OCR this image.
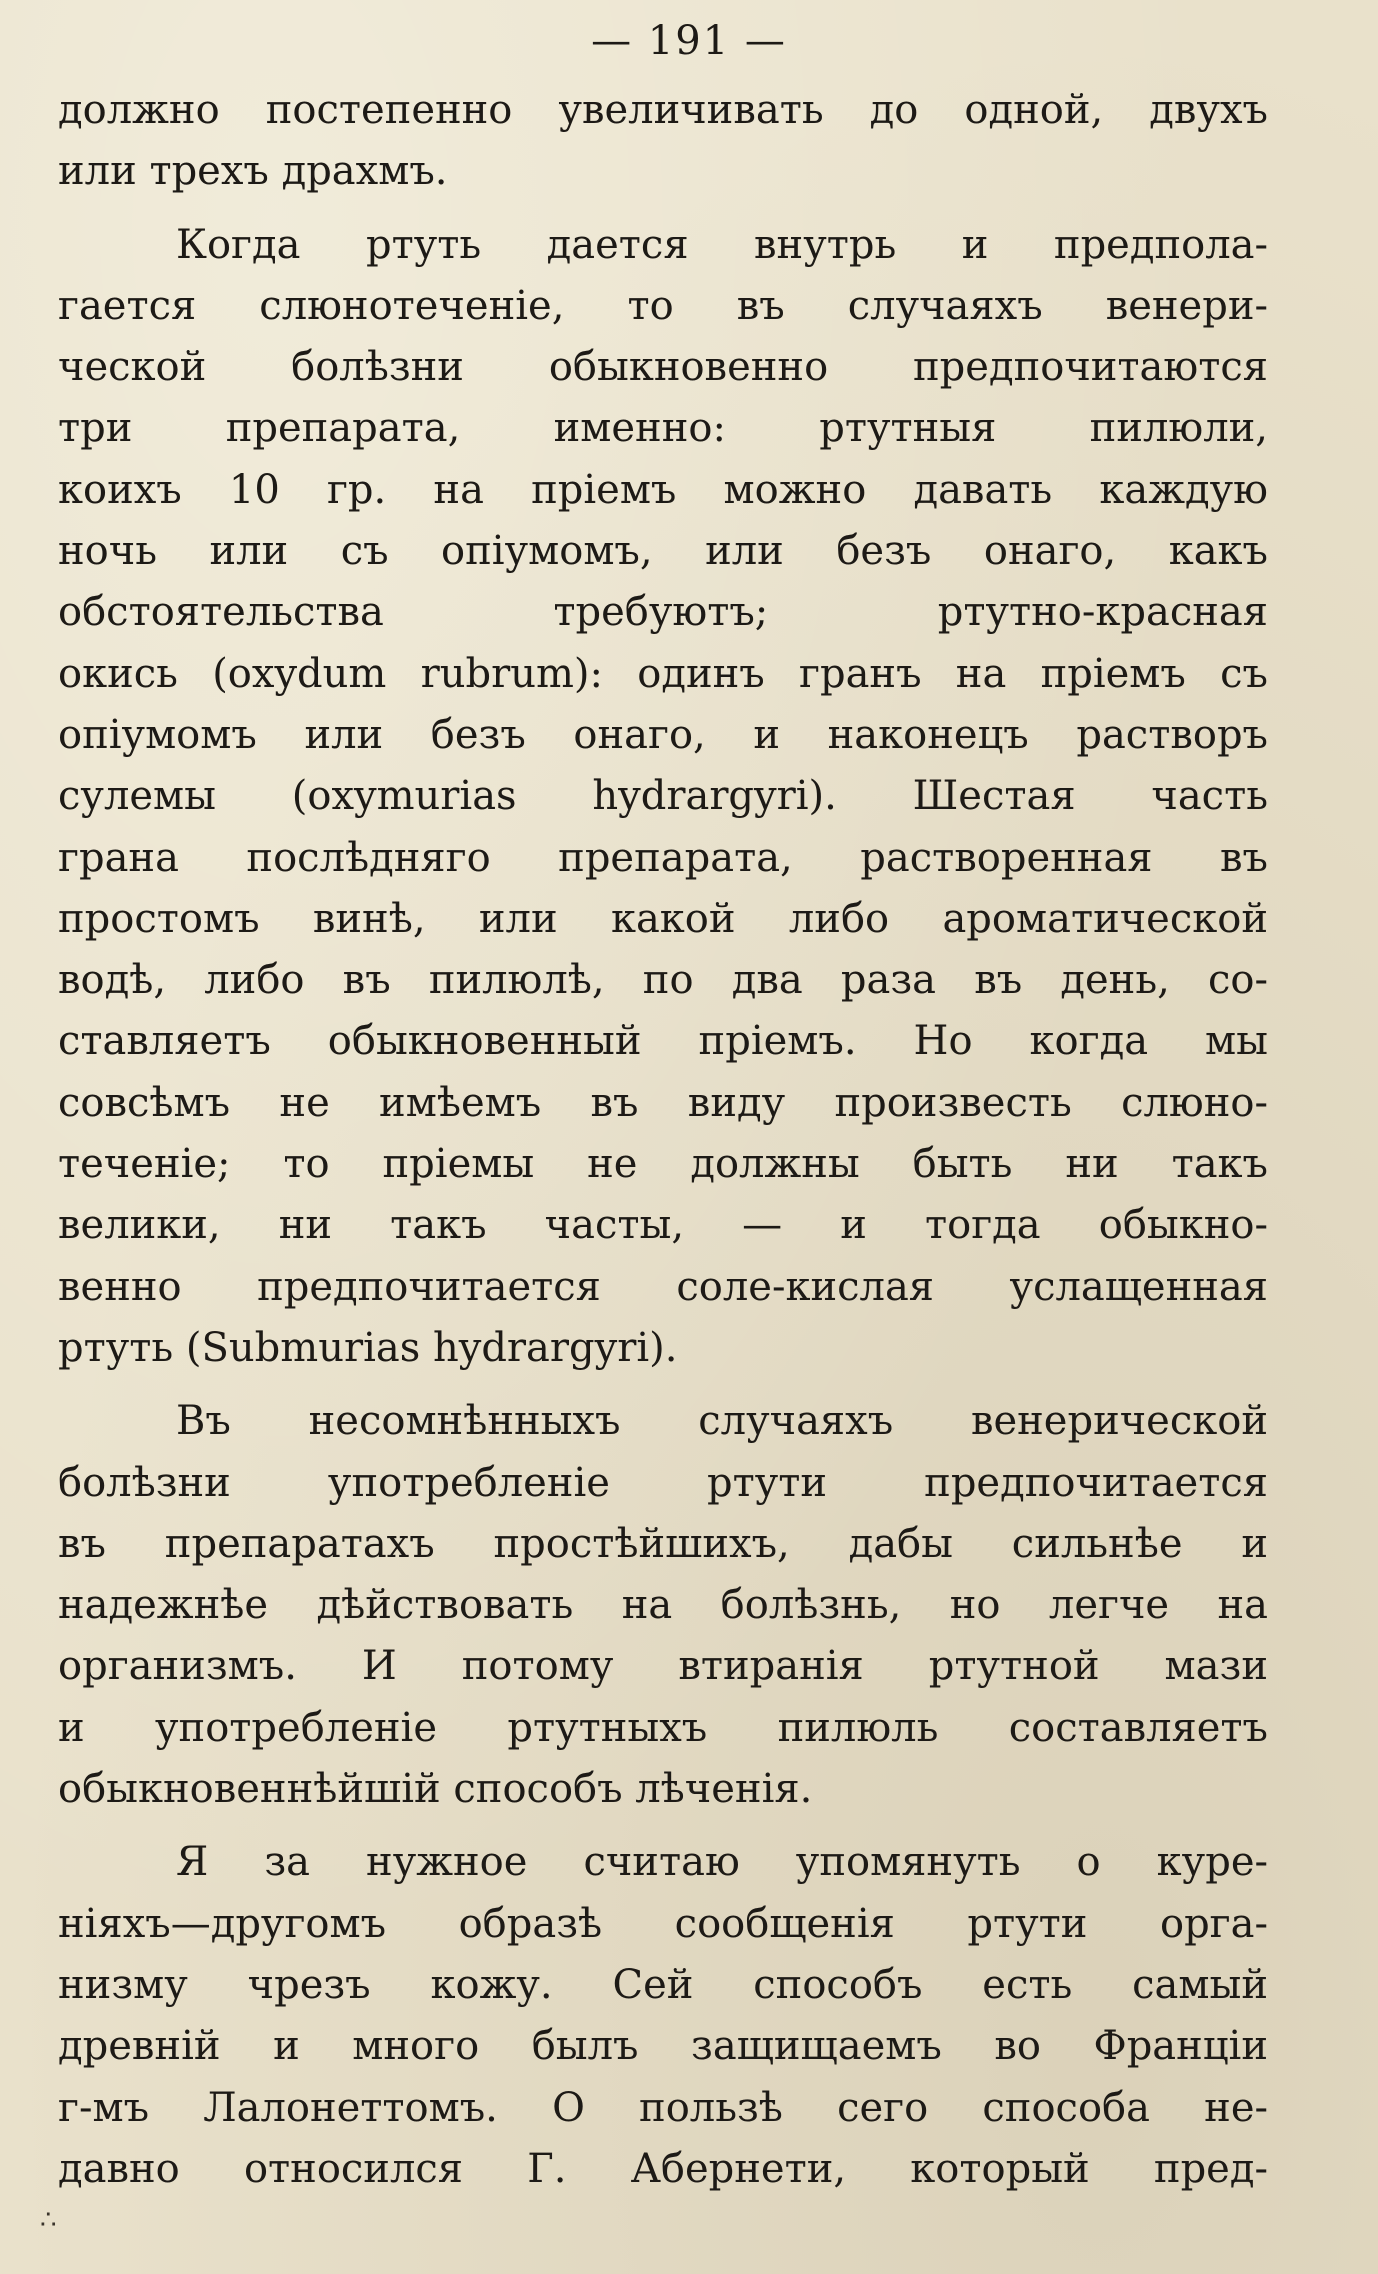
— 191 —
должно постепенно увеличивать до одной, двухъ
или трехъ драхмъ.
Когда ртуть дается внутрь и предпола-
гается слюнотеченіе, то въ случаяхъ венери-
ческой болѣзни обыкновенно предпочитаются
три препарата, именно: ртутныя пилюли,
коихъ 10 гр. на пріемъ можно давать каждую
ночь или съ опіумомъ, или безъ онаго, какъ
обстоятельства требуютъ; ртутно-красная
окись (oxydum rubrum): одинъ гранъ на пріемъ съ
опіумомъ или безъ онаго, и наконецъ растворъ
сулемы (oxymurias hydrargyri). Шестая часть
грана послѣдняго препарата, растворенная въ
простомъ винѣ, или какой либо ароматической
водѣ, либо въ пилюлѣ, по два раза въ день, со-
ставляетъ обыкновенный пріемъ. Но когда мы
совсѣмъ не имѣемъ въ виду произвесть слюно-
теченіе; то пріемы не должны быть ни такъ
велики, ни такъ часты, — и тогда обыкно-
венно предпочитается соле-кислая услащенная
ртуть (Submurias hydrargyri).
Въ несомнѣнныхъ случаяхъ венерической
болѣзни употребленіе ртути предпочитается
въ препаратахъ простѣйшихъ, дабы сильнѣе и
надежнѣе дѣйствовать на болѣзнь, но легче на
организмъ. И потому втиранія ртутной мази
и употребленіе ртутныхъ пилюль составляетъ
обыкновеннѣйшій способъ лѣченія.
Я за нужное считаю упомянуть о куре-
ніяхъ—другомъ образѣ сообщенія ртути орга-
низму чрезъ кожу. Сей способъ есть самый
древній и много былъ защищаемъ во Франціи
г-мъ Лалонеттомъ. О пользѣ сего способа не-
давно относился Г. Абернети, который пред-
∴
